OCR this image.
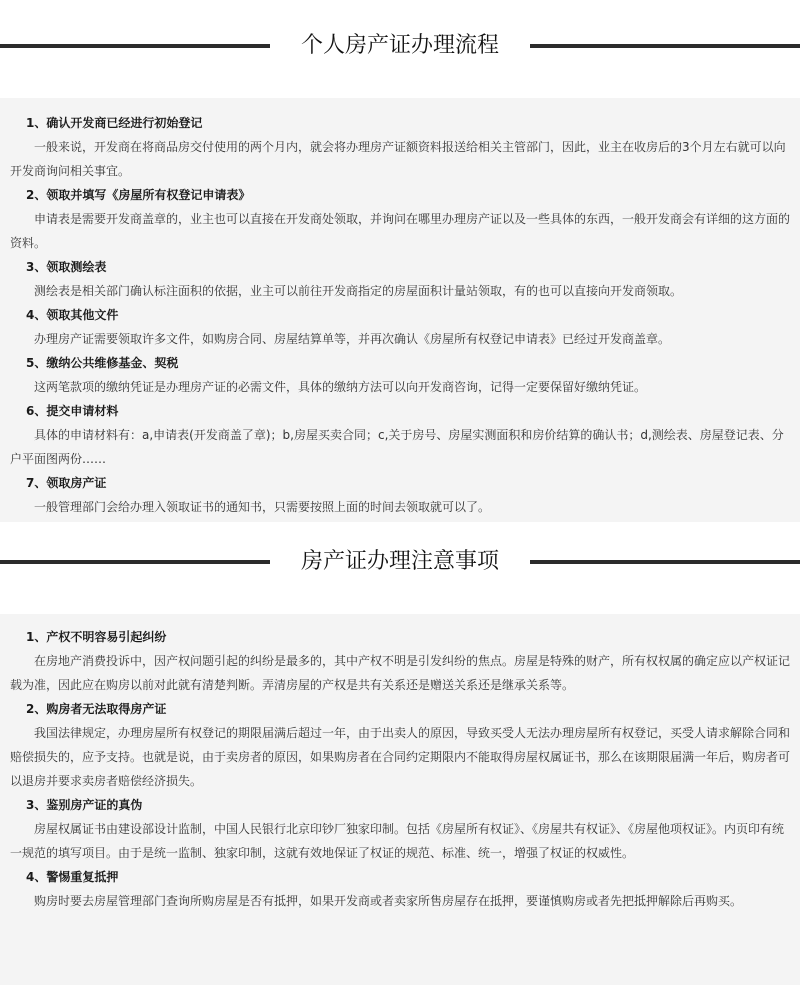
个人房产证办理流程
1、确认开发商已经进行初始登记

一般来说，开发商在将商品房交付使用的两个月内，就会将办理房产证额资料报送给相关主管部门，因此，业主在收房后的3个月左右就可以向开发商询问相关事宜。

2、领取并填写《房屋所有权登记申请表》

申请表是需要开发商盖章的，业主也可以直接在开发商处领取，并询问在哪里办理房产证以及一些具体的东西，一般开发商会有详细的这方面的资料。

3、领取测绘表

测绘表是相关部门确认标注面积的依据，业主可以前往开发商指定的房屋面积计量站领取，有的也可以直接向开发商领取。

4、领取其他文件

办理房产证需要领取许多文件，如购房合同、房屋结算单等，并再次确认《房屋所有权登记申请表》已经过开发商盖章。

5、缴纳公共维修基金、契税

这两笔款项的缴纳凭证是办理房产证的必需文件，具体的缴纳方法可以向开发商咨询，记得一定要保留好缴纳凭证。

6、提交申请材料

具体的申请材料有：a,申请表(开发商盖了章)；b,房屋买卖合同；c,关于房号、房屋实测面积和房价结算的确认书；d,测绘表、房屋登记表、分户平面图两份……

7、领取房产证

一般管理部门会给办理入领取证书的通知书，只需要按照上面的时间去领取就可以了。

房产证办理注意事项
1、产权不明容易引起纠纷

在房地产消费投诉中，因产权问题引起的纠纷是最多的，其中产权不明是引发纠纷的焦点。房屋是特殊的财产，所有权权属的确定应以产权证记载为准，因此应在购房以前对此就有清楚判断。弄清房屋的产权是共有关系还是赠送关系还是继承关系等。

2、购房者无法取得房产证

我国法律规定，办理房屋所有权登记的期限届满后超过一年，由于出卖人的原因，导致买受人无法办理房屋所有权登记，买受人请求解除合同和赔偿损失的，应予支持。也就是说，由于卖房者的原因，如果购房者在合同约定期限内不能取得房屋权属证书，那么在该期限届满一年后，购房者可以退房并要求卖房者赔偿经济损失。

3、鉴别房产证的真伪

房屋权属证书由建设部设计监制，中国人民银行北京印钞厂独家印制。包括《房屋所有权证》、《房屋共有权证》、《房屋他项权证》。内页印有统一规范的填写项目。由于是统一监制、独家印制，这就有效地保证了权证的规范、标准、统一，增强了权证的权威性。

4、警惕重复抵押

购房时要去房屋管理部门查询所购房屋是否有抵押，如果开发商或者卖家所售房屋存在抵押，要谨慎购房或者先把抵押解除后再购买。
